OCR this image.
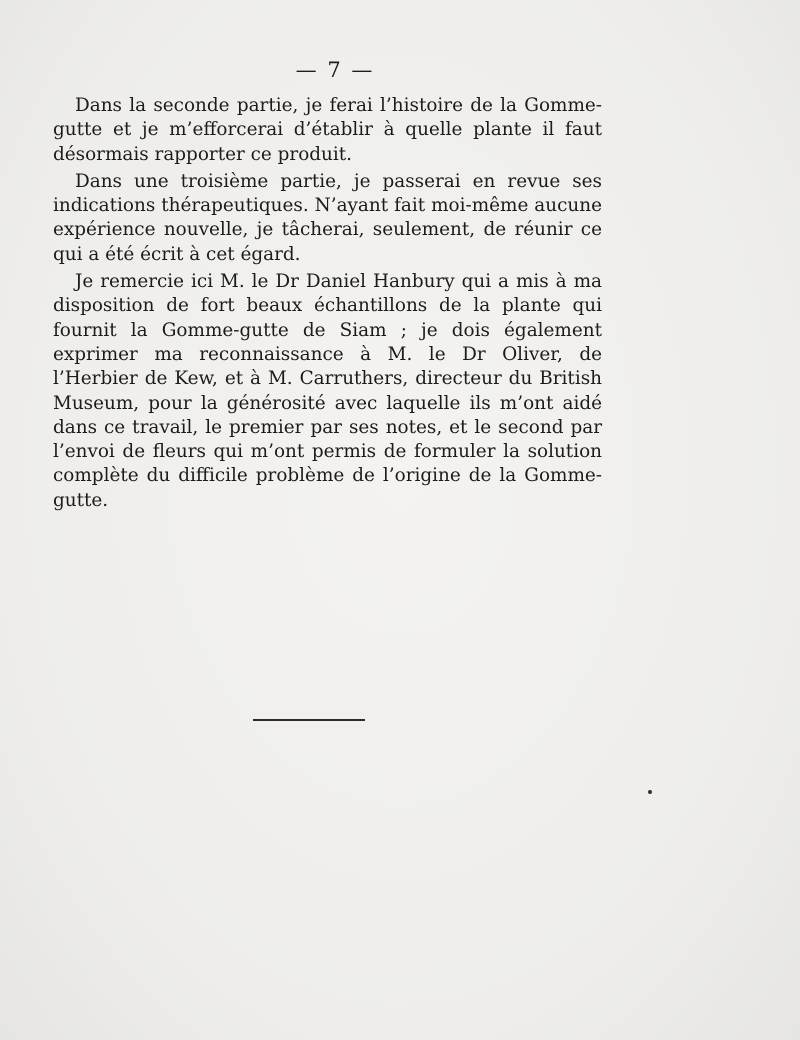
— 7 —

Dans la seconde partie, je ferai l’histoire de la Gomme-gutte et je m’efforcerai d’établir à quelle plante il faut désormais rapporter ce produit.

Dans une troisième partie, je passerai en revue ses indications thérapeutiques. N’ayant fait moi-même aucune expérience nouvelle, je tâcherai, seulement, de réunir ce qui a été écrit à cet égard.

Je remercie ici M. le Dr Daniel Hanbury qui a mis à ma disposition de fort beaux échantillons de la plante qui fournit la Gomme-gutte de Siam ; je dois également exprimer ma reconnaissance à M. le Dr Oliver, de l’Herbier de Kew, et à M. Carruthers, directeur du British Museum, pour la générosité avec laquelle ils m’ont aidé dans ce travail, le premier par ses notes, et le second par l’envoi de fleurs qui m’ont permis de formuler la solution complète du difficile problème de l’origine de la Gomme-gutte.
